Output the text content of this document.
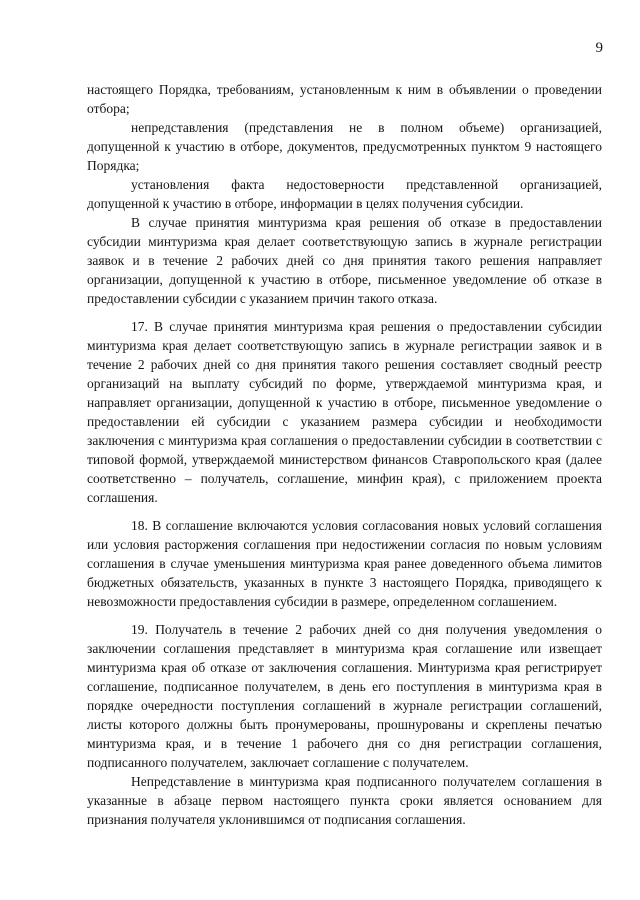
9

настоящего Порядка, требованиям, установленным к ним в объявлении о проведении отбора;

непредставления (представления не в полном объеме) организацией, допущенной к участию в отборе, документов, предусмотренных пунктом 9 настоящего Порядка;

установления факта недостоверности представленной организацией, допущенной к участию в отборе, информации в целях получения субсидии.

В случае принятия минтуризма края решения об отказе в предоставлении субсидии минтуризма края делает соответствующую запись в журнале регистрации заявок и в течение 2 рабочих дней со дня принятия такого решения направляет организации, допущенной к участию в отборе, письменное уведомление об отказе в предоставлении субсидии с указанием причин такого отказа.

17. В случае принятия минтуризма края решения о предоставлении субсидии минтуризма края делает соответствующую запись в журнале регистрации заявок и в течение 2 рабочих дней со дня принятия такого решения составляет сводный реестр организаций на выплату субсидий по форме, утверждаемой минтуризма края, и направляет организации, допущенной к участию в отборе, письменное уведомление о предоставлении ей субсидии с указанием размера субсидии и необходимости заключения с минтуризма края соглашения о предоставлении субсидии в соответствии с типовой формой, утверждаемой министерством финансов Ставропольского края (далее соответственно – получатель, соглашение, минфин края), с приложением проекта соглашения.

18. В соглашение включаются условия согласования новых условий соглашения или условия расторжения соглашения при недостижении согласия по новым условиям соглашения в случае уменьшения минтуризма края ранее доведенного объема лимитов бюджетных обязательств, указанных в пункте 3 настоящего Порядка, приводящего к невозможности предоставления субсидии в размере, определенном соглашением.

19. Получатель в течение 2 рабочих дней со дня получения уведомления о заключении соглашения представляет в минтуризма края соглашение или извещает минтуризма края об отказе от заключения соглашения. Минтуризма края регистрирует соглашение, подписанное получателем, в день его поступления в минтуризма края в порядке очередности поступления соглашений в журнале регистрации соглашений, листы которого должны быть пронумерованы, прошнурованы и скреплены печатью минтуризма края, и в течение 1 рабочего дня со дня регистрации соглашения, подписанного получателем, заключает соглашение с получателем.

Непредставление в минтуризма края подписанного получателем соглашения в указанные в абзаце первом настоящего пункта сроки является основанием для признания получателя уклонившимся от подписания соглашения.
